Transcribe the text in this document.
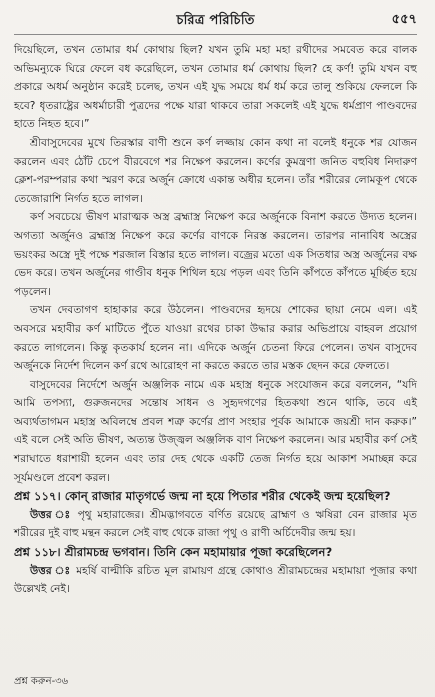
চরিত্র পরিচিতি	৫৫৭

দিয়েছিলে, তখন তোমার ধর্ম কোথায় ছিল? যখন তুমি মহা মহা রথীদের সমবেত করে বালক অভিমন্যুকে ঘিরে ফেলে বধ করেছিলে, তখন তোমার ধর্ম কোথায় ছিল? হে কর্ণ! তুমি যখন বহু প্রকারে অধর্ম অনুষ্ঠান করেই চলেছ, তখন এই যুদ্ধ সময়ে ধর্ম ধর্ম করে তালু শুকিয়ে ফেললে কি হবে? ধৃতরাষ্ট্রের অধর্মাচারী পুত্রদের পক্ষে যারা থাকবে তারা সকলেই এই যুদ্ধে ধর্মপ্রাণ পাণ্ডবদের হাতে নিহত হবে।”

শ্রীবাসুদেবের মুখে তিরস্কার বাণী শুনে কর্ণ লজ্জায় কোন কথা না বলেই ধনুকে শর যোজন করলেন এবং ঠোঁট চেপে বীরবেগে শর নিক্ষেপ করলেন। কর্ণের কুমন্ত্রণা জনিত বহুবিধ নিদারুণ ক্লেশ-পরম্পরার কথা স্মরণ করে অর্জুন ক্রোধে একান্ত অধীর হলেন। তাঁর শরীরের লোমকূপ থেকে তেজোরাশি নির্গত হতে লাগল।

কর্ণ সবচেয়ে ভীষণ মারাত্মক অস্ত্র ব্রহ্মাস্ত্র নিক্ষেপ করে অর্জুনকে বিনাশ করতে উদ্যত হলেন। অগত্যা অর্জুনও ব্রহ্মাস্ত্র নিক্ষেপ করে কর্ণের বাণকে নিরস্ত করলেন। তারপর নানাবিধ অস্ত্রের ভয়ংকর অস্ত্রে দুই পক্ষে শরজাল বিস্তার হতে লাগল। বজ্রের মতো এক সিতধার অস্ত্র অর্জুনের বক্ষ ভেদ করে। তখন অর্জুনের গাণ্ডীব ধনুক শিথিল হয়ে পড়ল এবং তিনি কাঁপতে কাঁপতে মূর্চ্ছিত হয়ে পড়লেন।

তখন দেবতাগণ হাহাকার করে উঠলেন। পাণ্ডবদের হৃদয়ে শোকের ছায়া নেমে এল। এই অবসরে মহাবীর কর্ণ মাটিতে পুঁতে যাওয়া রথের চাকা উদ্ধার করার অভিপ্রায়ে বাহবল প্রয়োগ করতে লাগলেন। কিন্তু কৃতকার্য হলেন না। এদিকে অর্জুন চেতনা ফিরে পেলেন। তখন বাসুদেব অর্জুনকে নির্দেশ দিলেন কর্ণ রথে আরোহণ না করতে করতে তার মস্তক ছেদন করে ফেলতে।

বাসুদেবের নির্দেশে অর্জুন অঞ্জলিক নামে এক মহাস্ত্র ধনুকে সংযোজন করে বললেন, “যদি আমি তপস্যা, গুরুজনদের সন্তোষ সাধন ও সুহৃদগণের হিতকথা শুনে থাকি, তবে এই অব্যর্থতাগমন মহাস্ত্র অবিলম্বে প্রবল শত্রু কর্ণের প্রাণ সংহার পূর্বক আমাকে জয়শ্রী দান করুক।” এই বলে সেই অতি ভীষণ, অত্যন্ত উজ্জ্বল অঞ্জলিক বাণ নিক্ষেপ করলেন। আর মহাবীর কর্ণ সেই শরাঘাতে ধরাশায়ী হলেন এবং তার দেহ থেকে একটি তেজ নির্গত হয়ে আকাশ সমাচ্ছন্ন করে সূর্যমণ্ডলে প্রবেশ করল।

প্রশ্ন ১১৭। কোন্ রাজার মাতৃগর্ভে জন্ম না হয়ে পিতার শরীর থেকেই জন্ম হয়েছিল?

উত্তর ঃ পৃথু মহারাজের। শ্রীমদ্ভাগবতে বর্ণিত রয়েছে ব্রাহ্মণ ও ঋষিরা বেন রাজার মৃত শরীরের দুই বাহু মন্থন করলে সেই বাহু থেকে রাজা পৃথু ও রাণী অর্চিদেবীর জন্ম হয়।

প্রশ্ন ১১৮। শ্রীরামচন্দ্র ভগবান। তিনি কেন মহামায়ার পূজা করেছিলেন?

উত্তর ঃ মহর্ষি বাল্মীকি রচিত মূল রামায়ণ গ্রন্থে কোথাও শ্রীরামচন্দ্রের মহামায়া পূজার কথা উল্লেখই নেই।

প্রশ্ন করুন-৩৬
